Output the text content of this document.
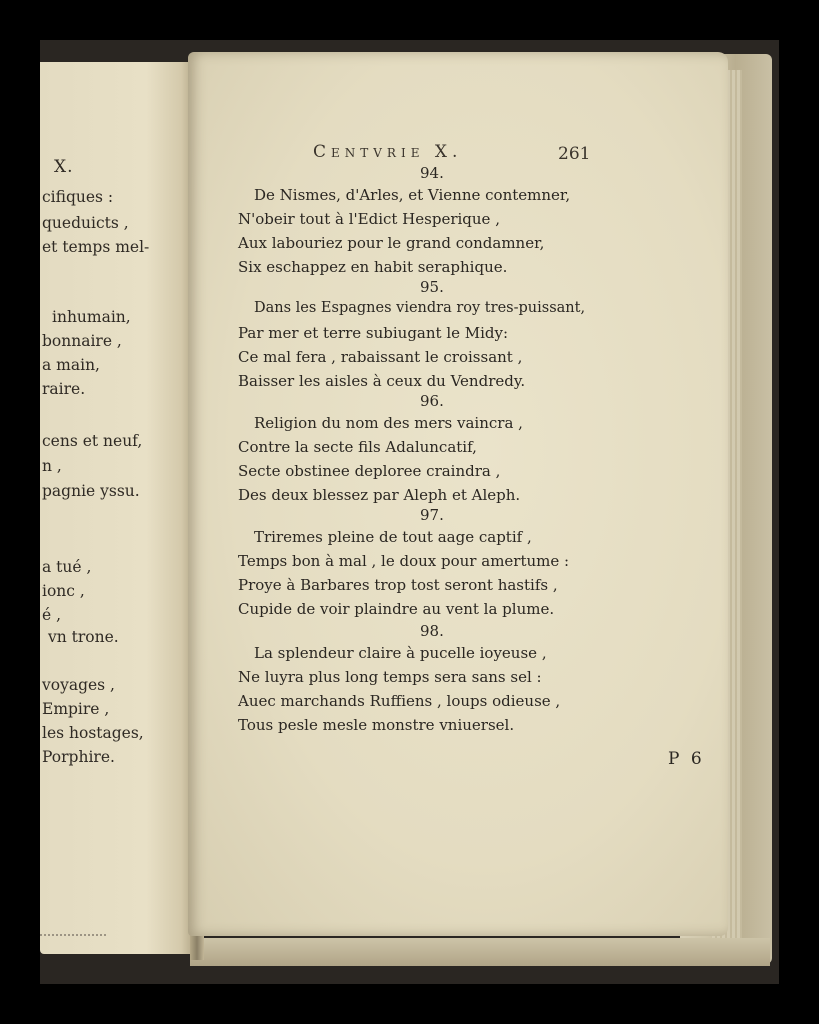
X.
cifiques :
queduicts ,
et temps mel-
inhumain,
bonnaire ,
a main,
raire.
cens et neuf,
n ,
pagnie yssu.
a tué ,
ionc ,
é ,
vn trone.
voyages ,
Empire ,
les hostages,
Porphire.
Centvrie X.	261
94.
De Nismes, d'Arles, et Vienne contemner,
N'obeir tout à l'Edict Hesperique ,
Aux labouriez pour le grand condamner,
Six eschappez en habit seraphique.
95.
Dans les Espagnes viendra roy tres-puissant,
Par mer et terre subiugant le Midy:
Ce mal fera , rabaissant le croissant ,
Baisser les aisles à ceux du Vendredy.
96.
Religion du nom des mers vaincra ,
Contre la secte fils Adaluncatif,
Secte obstinee deploree craindra ,
Des deux blessez par Aleph et Aleph.
97.
Triremes pleine de tout aage captif ,
Temps bon à mal , le doux pour amertume :
Proye à Barbares trop tost seront hastifs ,
Cupide de voir plaindre au vent la plume.
98.
La splendeur claire à pucelle ioyeuse ,
Ne luyra plus long temps sera sans sel :
Auec marchands Ruffiens , loups odieuse ,
Tous pesle mesle monstre vniuersel.
P 6
